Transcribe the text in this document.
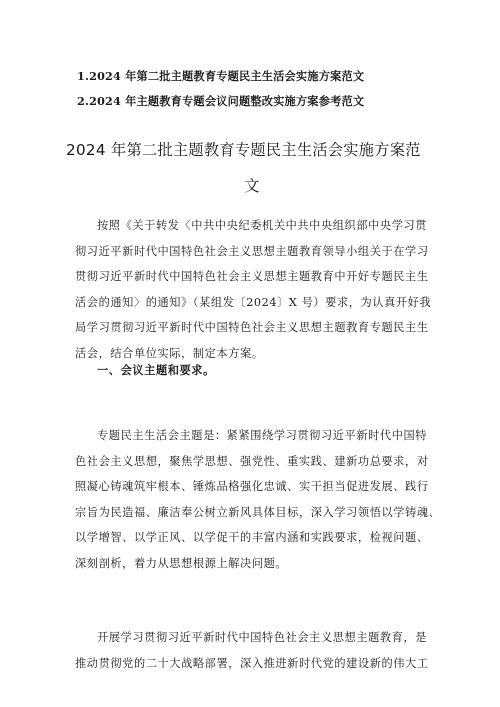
1.2024 年第二批主题教育专题民主生活会实施方案范文
2.2024 年主题教育专题会议问题整改实施方案参考范文
2024 年第二批主题教育专题民主生活会实施方案范
文
按照《关于转发〈中共中央纪委机关中共中央组织部中央学习贯
彻习近平新时代中国特色社会主义思想主题教育领导小组关于在学习
贯彻习近平新时代中国特色社会主义思想主题教育中开好专题民主生
活会的通知〉的通知》（某组发〔2024〕X 号）要求，为认真开好我
局学习贯彻习近平新时代中国特色社会主义思想主题教育专题民主生
活会，结合单位实际，制定本方案。
一、会议主题和要求。
专题民主生活会主题是：紧紧围绕学习贯彻习近平新时代中国特
色社会主义思想，聚焦学思想、强党性、重实践、建新功总要求，对
照凝心铸魂筑牢根本、锤炼品格强化忠诚、实干担当促进发展、践行
宗旨为民造福、廉洁奉公树立新风具体目标，深入学习领悟以学铸魂、
以学增智、以学正风、以学促干的丰富内涵和实践要求，检视问题、
深刻剖析，着力从思想根源上解决问题。
开展学习贯彻习近平新时代中国特色社会主义思想主题教育，是
推动贯彻党的二十大战略部署，深入推进新时代党的建设新的伟大工
